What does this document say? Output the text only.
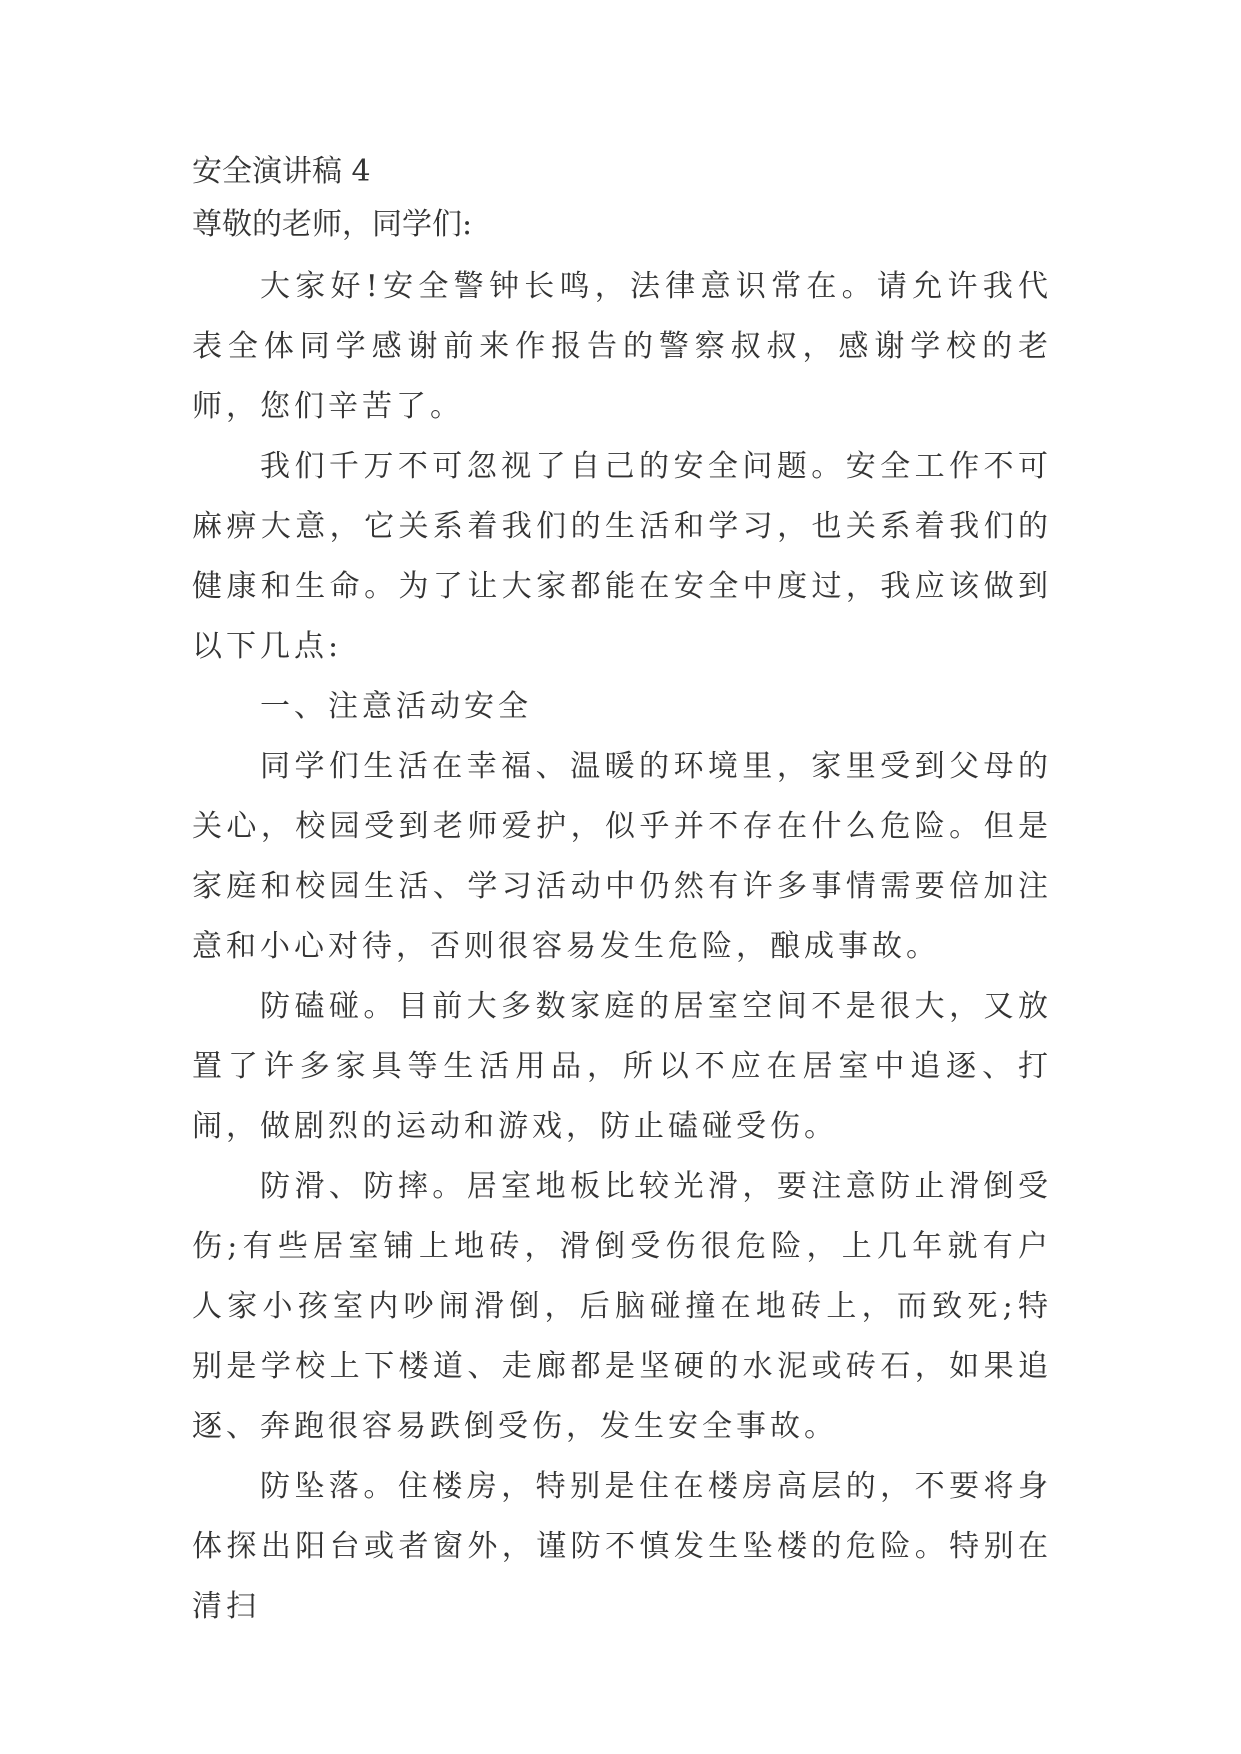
安全演讲稿 4
尊敬的老师，同学们:
大家好!安全警钟长鸣，法律意识常在。请允许我代表全体同学感谢前来作报告的警察叔叔，感谢学校的老师，您们辛苦了。
我们千万不可忽视了自己的安全问题。安全工作不可麻痹大意，它关系着我们的生活和学习，也关系着我们的健康和生命。为了让大家都能在安全中度过，我应该做到以下几点:
一、注意活动安全
同学们生活在幸福、温暖的环境里，家里受到父母的关心，校园受到老师爱护，似乎并不存在什么危险。但是家庭和校园生活、学习活动中仍然有许多事情需要倍加注意和小心对待，否则很容易发生危险，酿成事故。
防磕碰。目前大多数家庭的居室空间不是很大，又放置了许多家具等生活用品，所以不应在居室中追逐、打闹，做剧烈的运动和游戏，防止磕碰受伤。
防滑、防摔。居室地板比较光滑，要注意防止滑倒受伤;有些居室铺上地砖，滑倒受伤很危险，上几年就有户人家小孩室内吵闹滑倒，后脑碰撞在地砖上，而致死;特别是学校上下楼道、走廊都是坚硬的水泥或砖石，如果追逐、奔跑很容易跌倒受伤，发生安全事故。
防坠落。住楼房，特别是住在楼房高层的，不要将身体探出阳台或者窗外，谨防不慎发生坠楼的危险。特别在清扫
